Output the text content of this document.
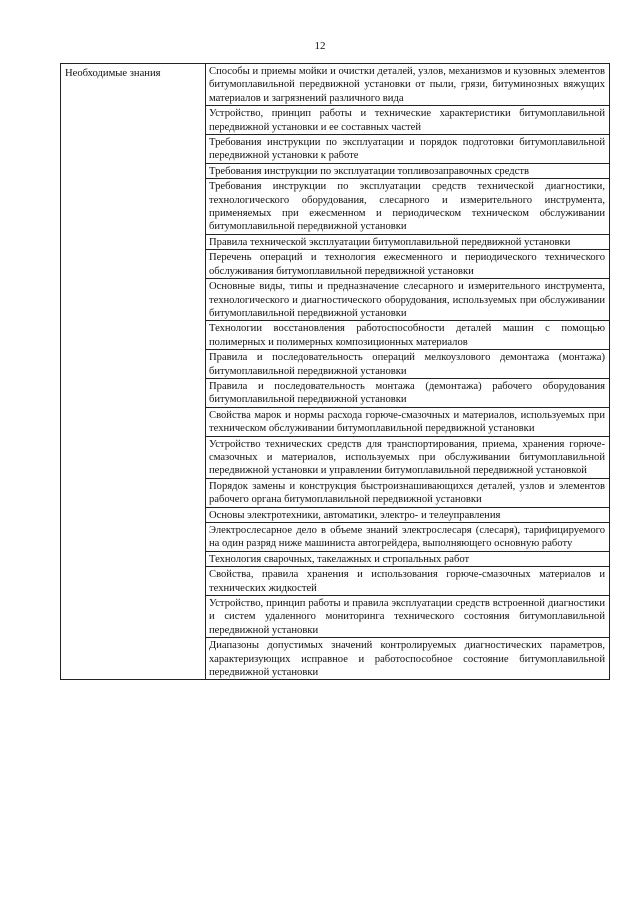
12
Необходимые знания	Способы и приемы мойки и очистки деталей, узлов, механизмов и кузовных элементов битумоплавильной передвижной установки от пыли, грязи, битуминозных вяжущих материалов и загрязнений различного вида
Устройство, принцип работы и технические характеристики битумоплавильной передвижной установки и ее составных частей
Требования инструкции по эксплуатации и порядок подготовки битумоплавильной передвижной установки к работе
Требования инструкции по эксплуатации топливозаправочных средств
Требования инструкции по эксплуатации средств технической диагностики, технологического оборудования, слесарного и измерительного инструмента, применяемых при ежесменном и периодическом техническом обслуживании битумоплавильной передвижной установки
Правила технической эксплуатации битумоплавильной передвижной установки
Перечень операций и технология ежесменного и периодического технического обслуживания битумоплавильной передвижной установки
Основные виды, типы и предназначение слесарного и измерительного инструмента, технологического и диагностического оборудования, используемых при обслуживании битумоплавильной передвижной установки
Технологии восстановления работоспособности деталей машин с помощью полимерных и полимерных композиционных материалов
Правила и последовательность операций мелкоузлового демонтажа (монтажа) битумоплавильной передвижной установки
Правила и последовательность монтажа (демонтажа) рабочего оборудования битумоплавильной передвижной установки
Свойства марок и нормы расхода горюче-смазочных и материалов, используемых при техническом обслуживании битумоплавильной передвижной установки
Устройство технических средств для транспортирования, приема, хранения горюче-смазочных и материалов, используемых при обслуживании битумоплавильной передвижной установки и управлении битумоплавильной передвижной установкой
Порядок замены и конструкция быстроизнашивающихся деталей, узлов и элементов рабочего органа битумоплавильной передвижной установки
Основы электротехники, автоматики, электро- и телеуправления
Электрослесарное дело в объеме знаний электрослесаря (слесаря), тарифицируемого на один разряд ниже машиниста автогрейдера, выполняющего основную работу
Технология сварочных, такелажных и стропальных работ
Свойства, правила хранения и использования горюче-смазочных материалов и технических жидкостей
Устройство, принцип работы и правила эксплуатации средств встроенной диагностики и систем удаленного мониторинга технического состояния битумоплавильной передвижной установки
Диапазоны допустимых значений контролируемых диагностических параметров, характеризующих исправное и работоспособное состояние битумоплавильной передвижной установки
